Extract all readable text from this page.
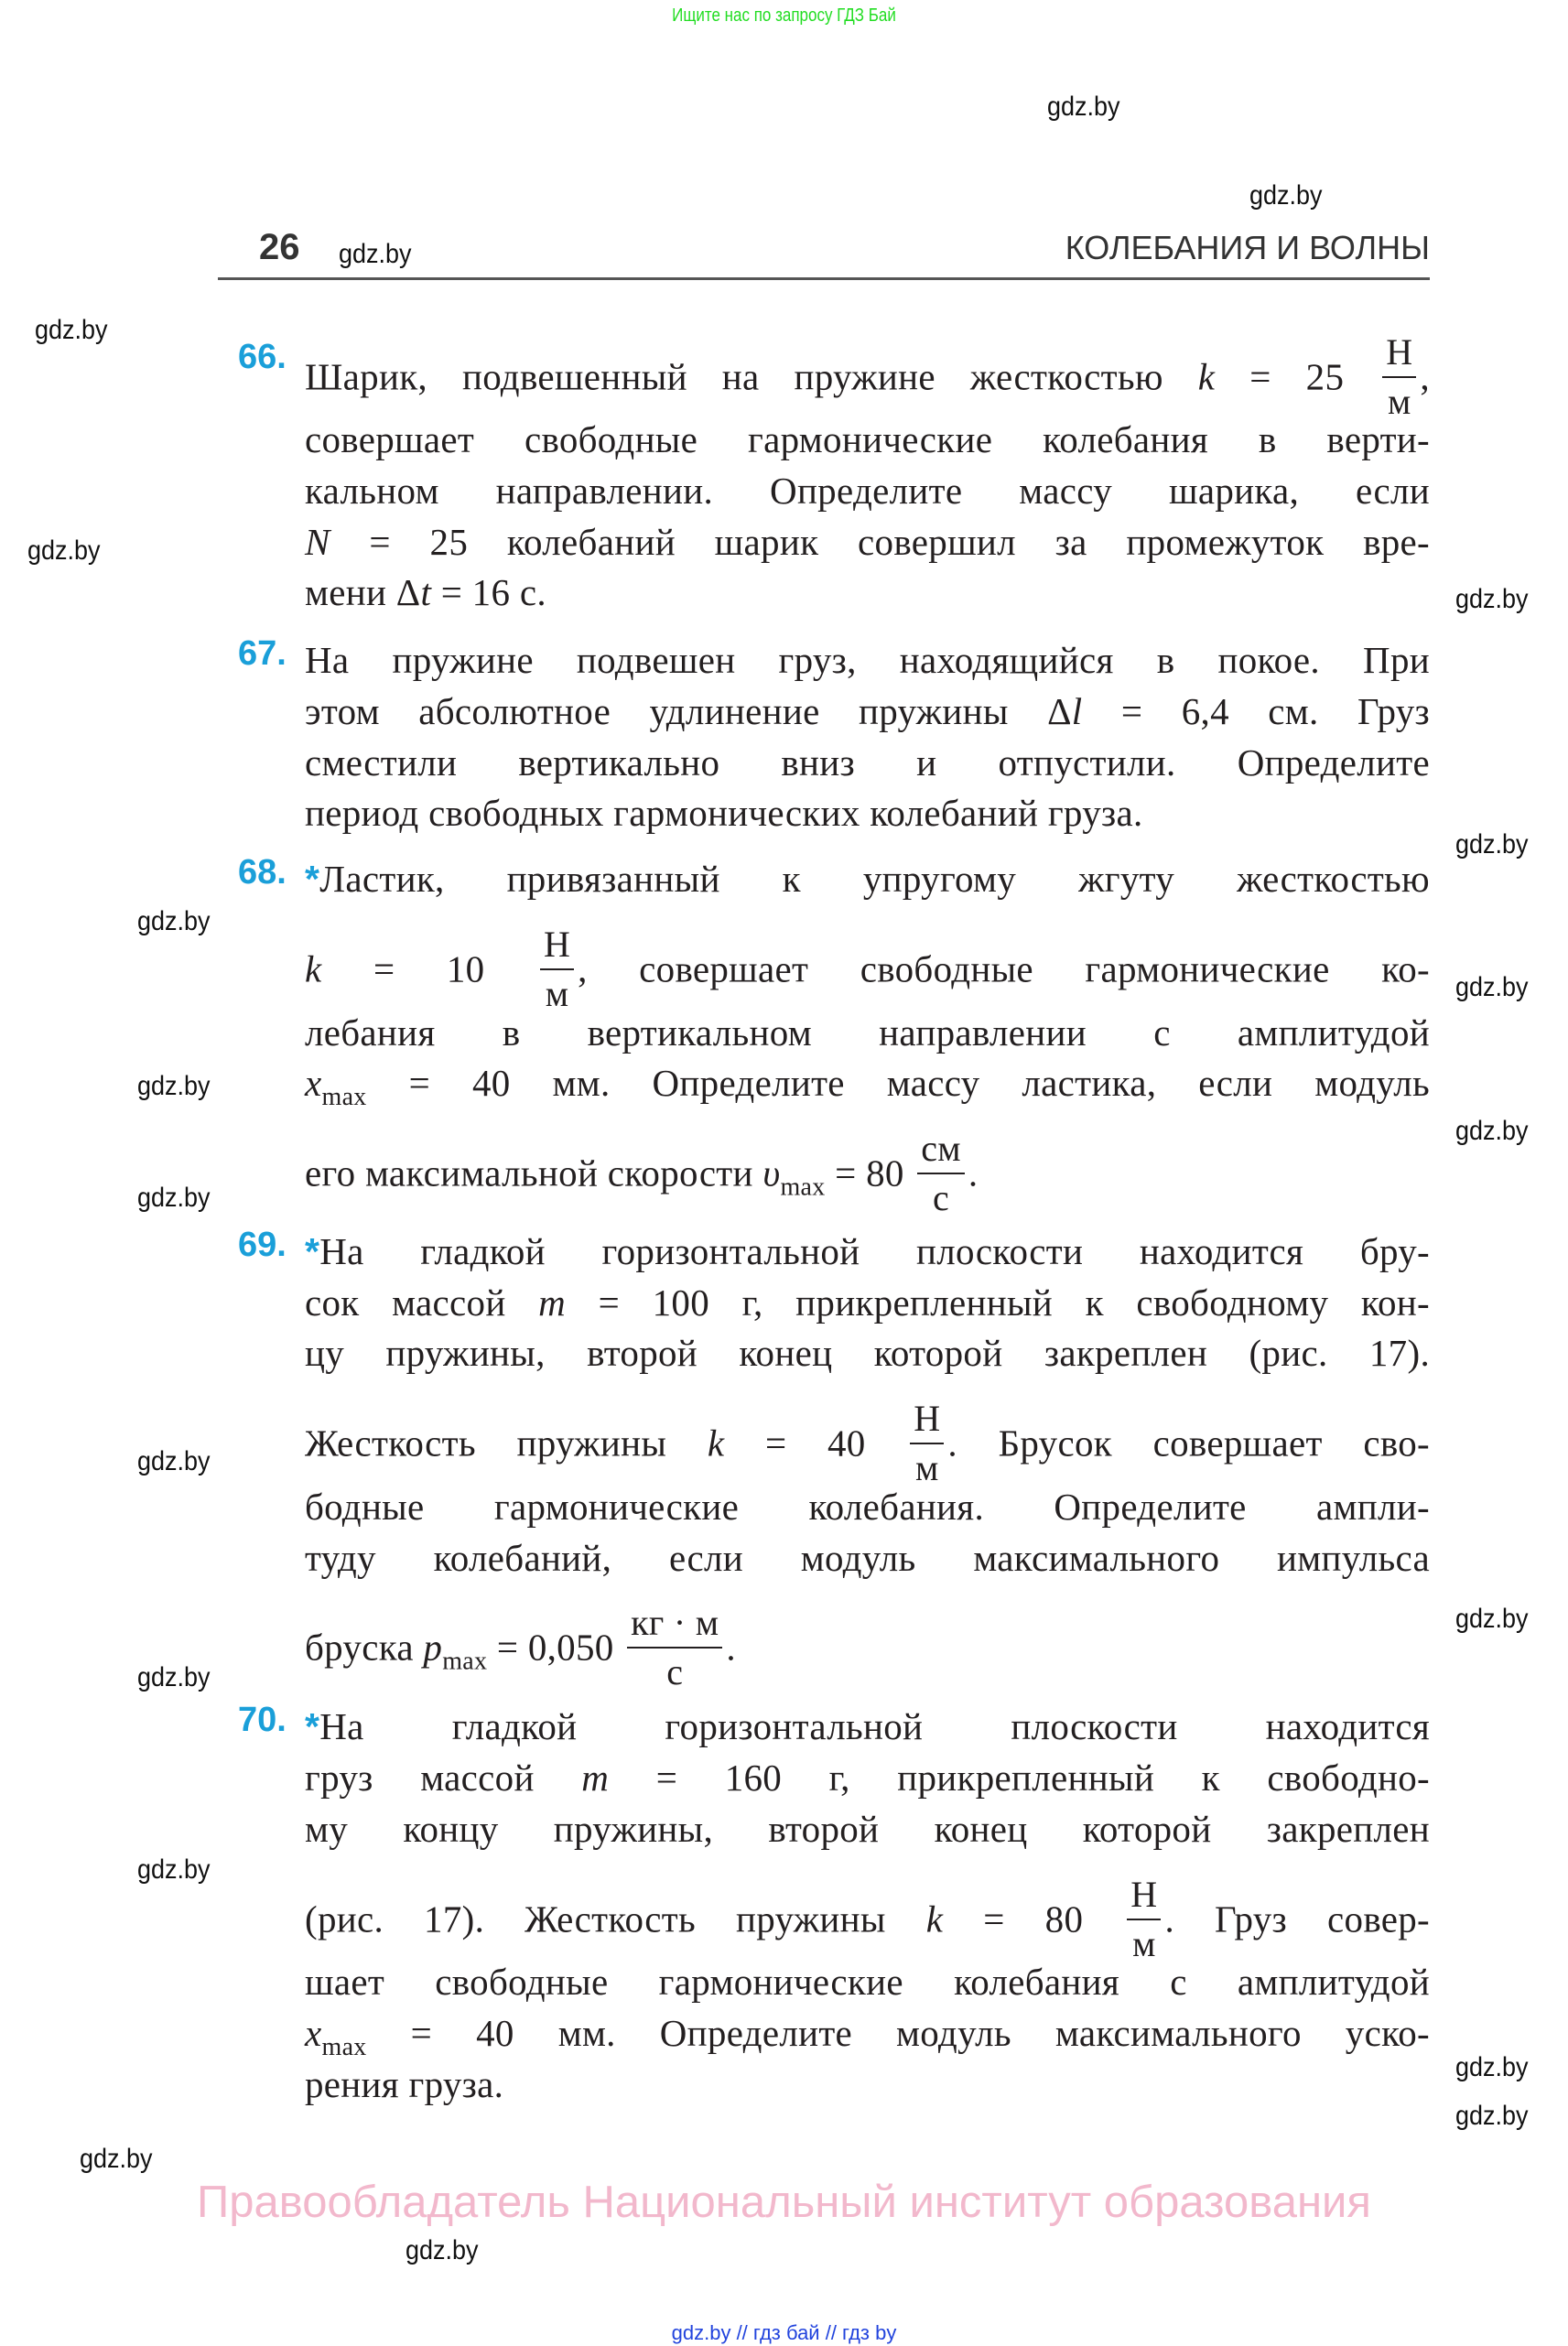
Ищите нас по запросу ГДЗ Бай
26	КОЛЕБАНИЯ И ВОЛНЫ
66. Шарик, подвешенный на пружине жесткостью $k = 25 \frac{Н}{м}$ ,
совершает свободные гармонические колебания в верти-
кальном направлении. Определите массу шарика, если
N = 25 колебаний шарик совершил за промежуток вре-
мени Δt = 16 с.
67. На пружине подвешен груз, находящийся в покое. При
этом абсолютное удлинение пружины Δl = 6,4 см. Груз
сместили вертикально вниз и отпустили. Определите
период свободных гармонических колебаний груза.
68. *Ластик, привязанный к упругому жгуту жесткостью
$k = 10 \frac{Н}{м}$ , совершает свободные гармонические ко-
лебания в вертикальном направлении с амплитудой
$x_{max} = 40$ мм. Определите массу ластика, если модуль
его максимальной скорости $\upsilon_{max} = 80 \frac{см}{с}$ .
69. *На гладкой горизонтальной плоскости находится бру-
сок массой m = 100 г, прикрепленный к свободному кон-
цу пружины, второй конец которой закреплен (рис. 17).
Жесткость пружины $k = 40 \frac{Н}{м}$ . Брусок совершает сво-
бодные гармонические колебания. Определите ампли-
туду колебаний, если модуль максимального импульса
бруска $p_{max} = 0,050 \frac{кг \cdot м}{с}$ .
70. *На гладкой горизонтальной плоскости находится
груз массой m = 160 г, прикрепленный к свободно-
му концу пружины, второй конец которой закреплен
(рис. 17). Жесткость пружины $k = 80 \frac{Н}{м}$ . Груз совер-
шает свободные гармонические колебания с амплитудой
$x_{max} = 40$ мм. Определите модуль максимального уско-
рения груза.
gdz.by
gdz.by
gdz.by
gdz.by
gdz.by
gdz.by
gdz.by
gdz.by
gdz.by
gdz.by
gdz.by
gdz.by
gdz.by
gdz.by
gdz.by
gdz.by
gdz.by
gdz.by
gdz.by
gdz.by
Правообладатель Национальный институт образования
gdz.by // гдз бай // гдз by
